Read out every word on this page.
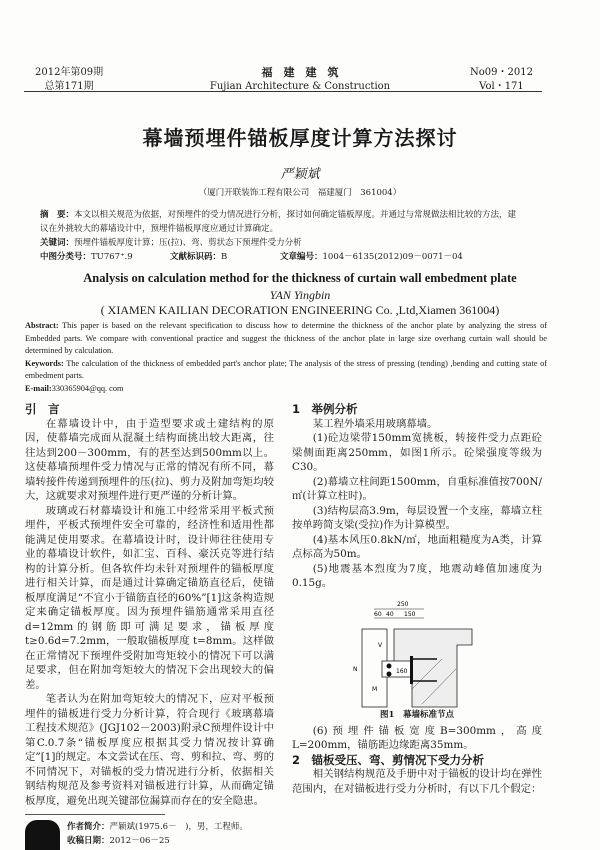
2012年第09期
总第171期
福　建　建　筑
Fujian Architecture & Construction
No09・2012
Vol・171
幕墙预埋件锚板厚度计算方法探讨
严颖斌
（厦门开联装饰工程有限公司　福建厦门　361004）
摘　要：本文以相关规范为依据，对预埋件的受力情况进行分析，探讨如何确定锚板厚度。并通过与常规做法相比较的方法，建议在外挑较大的幕墙设计中，预埋件锚板厚度应通过计算确定。
关键词：预埋件锚板厚度计算；压(拉)、弯、剪状态下预埋件受力分析
中图分类号：TU767⁺.9	文献标识码：B	文章编号：1004－6135(2012)09－0071－04
Analysis on calculation method for the thickness of curtain wall embedment plate
YAN Yingbin
( XIAMEN KAILIAN DECORATION ENGINEERING Co. ,Ltd,Xiamen 361004)
Abstract: This paper is based on the relevant specification to discuss how to determine the thickness of the anchor plate by analyzing the stress of Embedded parts. We compare with conventional practice and suggest the thickness of the anchor plate in large size overhang curtain wall should be determined by calculation.
Keywords: The calculation of the thickness of embedded part's anchor plate; The analysis of the stress of pressing (tending) ,bending and cutting state of embedment parts.
E-mail:330365904@qq. com

引　言

在幕墙设计中，由于造型要求或土建结构的原因，使幕墙完成面从混凝土结构面挑出较大距离，往往达到200－300mm，有的甚至达到500mm以上。这使幕墙预埋件受力情况与正常的情况有所不同，幕墙转接件传递到预埋件的压(拉)、剪力及附加弯矩均较大，这就要求对预埋件进行更严谨的分析计算。

玻璃或石材幕墙设计和施工中经常采用平板式预埋件，平板式预埋件安全可靠的，经济性和适用性都能满足使用要求。在幕墙设计时，设计师往往使用专业的幕墙设计软件，如汇宝、百科、豪沃克等进行结构的计算分析。但各软件均未针对预埋件的锚板厚度进行相关计算，而是通过计算确定锚筋直径后，使锚板厚度满足“不宜小于锚筋直径的60%”[1]这条构造规定来确定锚板厚度。因为预埋件锚筋通常采用直径d=12mm的钢筋即可满足要求，锚板厚度 t≥0.6d=7.2mm，一般取锚板厚度 t=8mm。这样做在正常情况下预埋件受附加弯矩较小的情况下可以满足要求，但在附加弯矩较大的情况下会出现较大的偏差。

笔者认为在附加弯矩较大的情况下，应对平板预埋件的锚板进行受力分析计算，符合现行《玻璃幕墙工程技术规范》(JGJ102－2003)附录C预埋件设计中第C.0.7条“锚板厚度应根据其受力情况按计算确定”[1]的规定。本文尝试在压、弯、剪和拉、弯、剪的不同情况下，对锚板的受力情况进行分析，依据相关钢结构规范及参考资料对锚板进行计算，从而确定锚板厚度，避免出现关键部位漏算而存在的安全隐患。

作者简介：严颖斌(1975.6－　)，男，工程师。
收稿日期：2012－06－25

1　举例分析

某工程外墙采用玻璃幕墙。

(1)砼边梁带150mm宽挑板，转接件受力点距砼梁侧面距离250mm，如图1所示。砼梁强度等级为C30。

(2)幕墙立柱间距1500mm，自重标准值按700N/㎡(计算立柱时)。

(3)结构层高3.9m，每层设置一个支座，幕墙立柱按单跨简支梁(受拉)作为计算模型。

(4)基本风压0.8kN/㎡，地面粗糙度为A类，计算点标高为50m。

(5)地震基本烈度为7度，地震动峰值加速度为0.15g。

250
60 40 150
V
N
M
160
图1　幕墙标准节点

(6)预埋件锚板宽度B=300mm，高度L=200mm，锚筋距边缘距离35mm。

2　锚板受压、弯、剪情况下受力分析

相关钢结构规范及手册中对于锚板的设计均在弹性范围内，在对锚板进行受力分析时，有以下几个假定：
